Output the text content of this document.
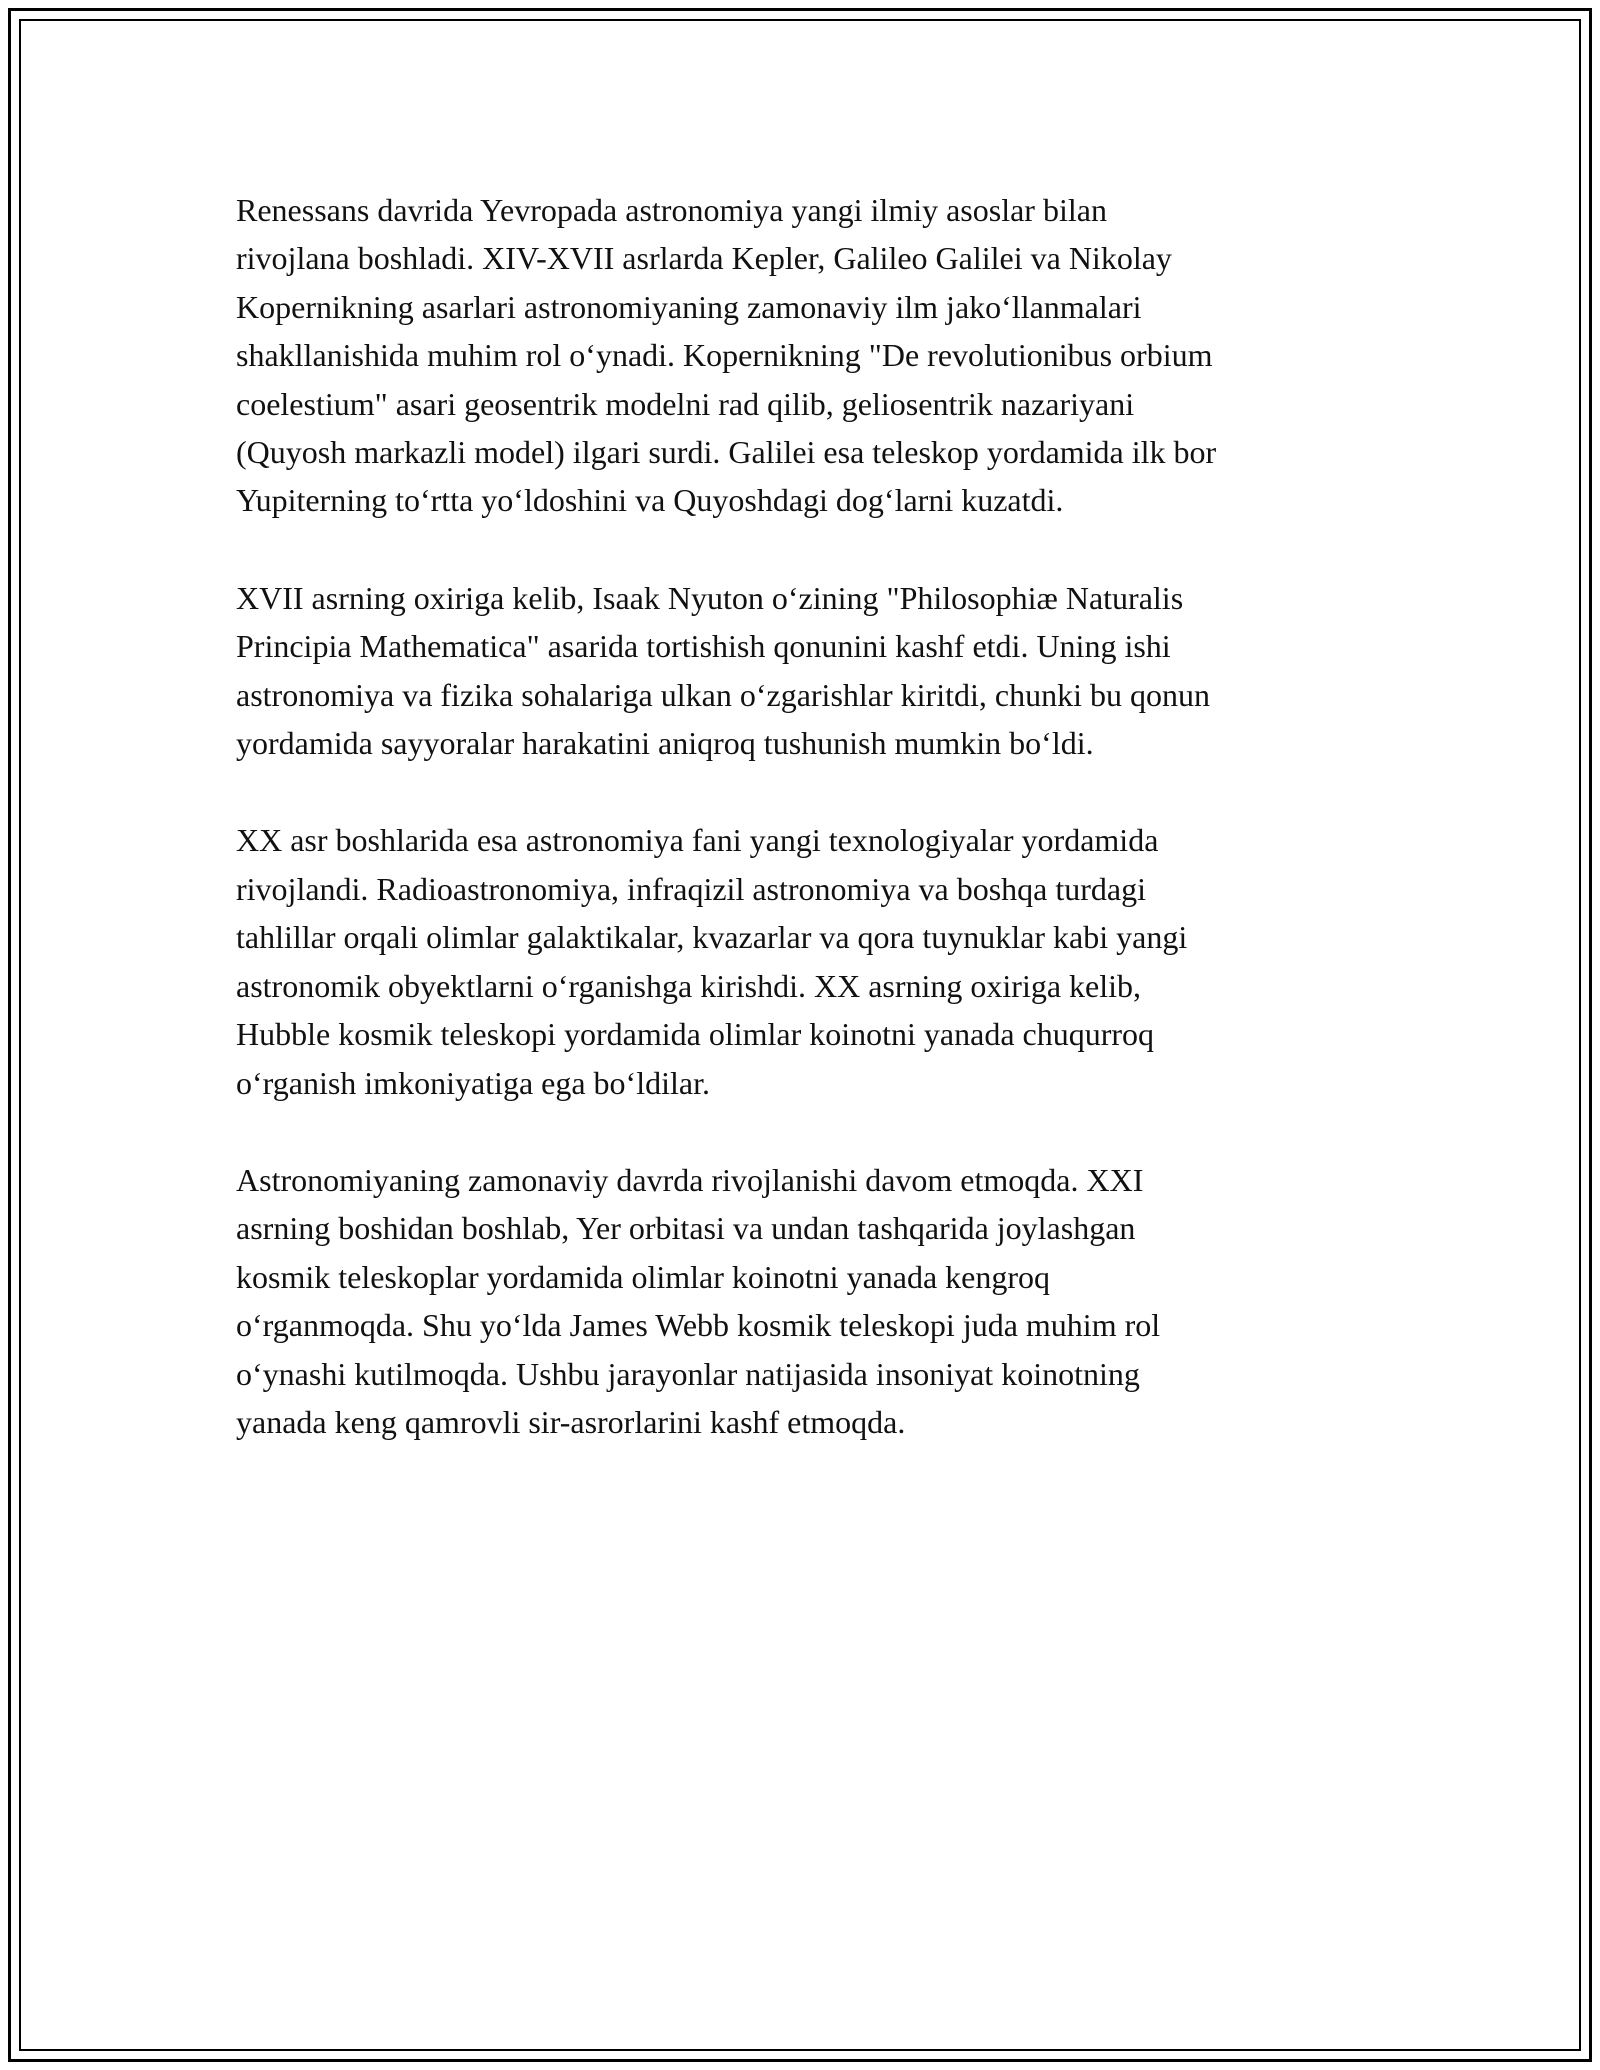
Renessans davrida Yevropada astronomiya yangi ilmiy asoslar bilan
rivojlana boshladi. XIV-XVII asrlarda Kepler, Galileo Galilei va Nikolay
Kopernikning asarlari astronomiyaning zamonaviy ilm jakoʻllanmalari
shakllanishida muhim rol oʻynadi. Kopernikning "De revolutionibus orbium
coelestium" asari geosentrik modelni rad qilib, geliosentrik nazariyani
(Quyosh markazli model) ilgari surdi. Galilei esa teleskop yordamida ilk bor
Yupiterning toʻrtta yoʻldoshini va Quyoshdagi dogʻlarni kuzatdi.

XVII asrning oxiriga kelib, Isaak Nyuton oʻzining "Philosophiæ Naturalis
Principia Mathematica" asarida tortishish qonunini kashf etdi. Uning ishi
astronomiya va fizika sohalariga ulkan oʻzgarishlar kiritdi, chunki bu qonun
yordamida sayyoralar harakatini aniqroq tushunish mumkin boʻldi.

XX asr boshlarida esa astronomiya fani yangi texnologiyalar yordamida
rivojlandi. Radioastronomiya, infraqizil astronomiya va boshqa turdagi
tahlillar orqali olimlar galaktikalar, kvazarlar va qora tuynuklar kabi yangi
astronomik obyektlarni oʻrganishga kirishdi. XX asrning oxiriga kelib,
Hubble kosmik teleskopi yordamida olimlar koinotni yanada chuqurroq
oʻrganish imkoniyatiga ega boʻldilar.

Astronomiyaning zamonaviy davrda rivojlanishi davom etmoqda. XXI
asrning boshidan boshlab, Yer orbitasi va undan tashqarida joylashgan
kosmik teleskoplar yordamida olimlar koinotni yanada kengroq
oʻrganmoqda. Shu yoʻlda James Webb kosmik teleskopi juda muhim rol
oʻynashi kutilmoqda. Ushbu jarayonlar natijasida insoniyat koinotning
yanada keng qamrovli sir-asrorlarini kashf etmoqda.
